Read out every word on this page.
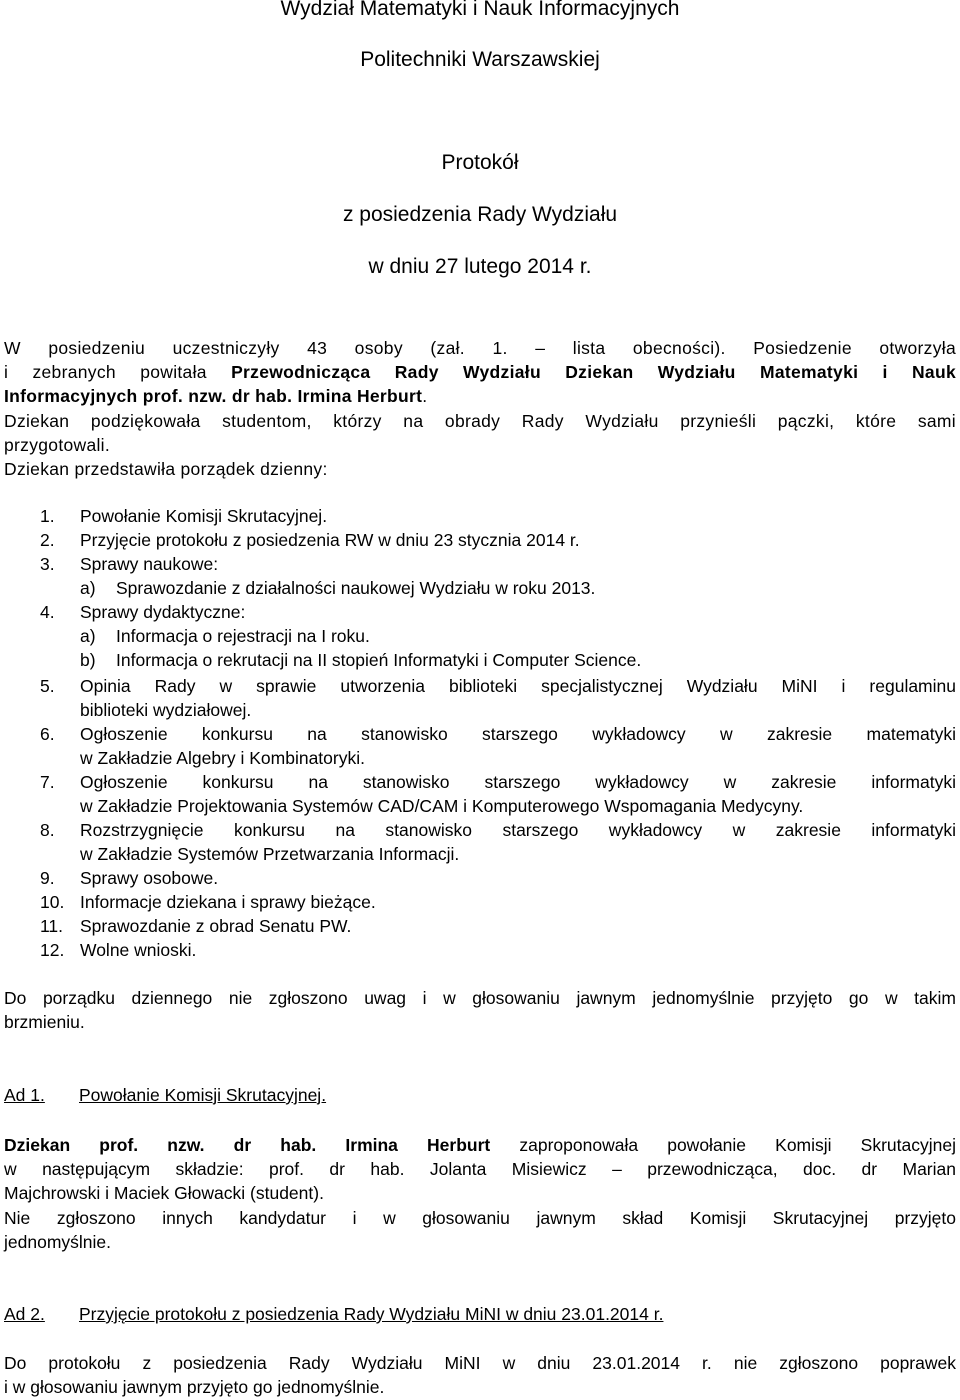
Wydział Matematyki i Nauk Informacyjnych
Politechniki Warszawskiej
Protokół
z posiedzenia Rady Wydziału
w dniu 27 lutego 2014 r.
W posiedzeniu uczestniczyły 43 osoby (zał. 1. – lista obecności). Posiedzenie otworzyła
i zebranych powitała Przewodnicząca Rady Wydziału Dziekan Wydziału Matematyki i Nauk
Informacyjnych prof. nzw. dr hab. Irmina Herburt.
Dziekan podziękowała studentom, którzy na obrady Rady Wydziału przynieśli pączki, które sami
przygotowali.
Dziekan przedstawiła porządek dzienny:
1.	Powołanie Komisji Skrutacyjnej.
2.	Przyjęcie protokołu z posiedzenia RW w dniu 23 stycznia 2014 r.
3.	Sprawy naukowe:
a)	Sprawozdanie z działalności naukowej Wydziału w roku 2013.
4.	Sprawy dydaktyczne:
a)	Informacja o rejestracji na I roku.
b)	Informacja o rekrutacji na II stopień Informatyki i Computer Science.
5.	Opinia Rady w sprawie utworzenia biblioteki specjalistycznej Wydziału MiNI i regulaminu
biblioteki wydziałowej.
6.	Ogłoszenie konkursu na stanowisko starszego wykładowcy w zakresie matematyki
w Zakładzie Algebry i Kombinatoryki.
7.	Ogłoszenie konkursu na stanowisko starszego wykładowcy w zakresie informatyki
w Zakładzie Projektowania Systemów CAD/CAM i Komputerowego Wspomagania Medycyny.
8.	Rozstrzygnięcie konkursu na stanowisko starszego wykładowcy w zakresie informatyki
w Zakładzie Systemów Przetwarzania Informacji.
9.	Sprawy osobowe.
10. Informacje dziekana i sprawy bieżące.
11. Sprawozdanie z obrad Senatu PW.
12. Wolne wnioski.
Do porządku dziennego nie zgłoszono uwag i w głosowaniu jawnym jednomyślnie przyjęto go w takim
brzmieniu.
Ad 1. Powołanie Komisji Skrutacyjnej.
Dziekan prof. nzw. dr hab. Irmina Herburt zaproponowała powołanie Komisji Skrutacyjnej
w następującym składzie: prof. dr hab. Jolanta Misiewicz – przewodnicząca, doc. dr Marian
Majchrowski i Maciek Głowacki (student).
Nie zgłoszono innych kandydatur i w głosowaniu jawnym skład Komisji Skrutacyjnej przyjęto
jednomyślnie.
Ad 2. Przyjęcie protokołu z posiedzenia Rady Wydziału MiNI w dniu 23.01.2014 r.
Do protokołu z posiedzenia Rady Wydziału MiNI w dniu 23.01.2014 r. nie zgłoszono poprawek
i w głosowaniu jawnym przyjęto go jednomyślnie.
